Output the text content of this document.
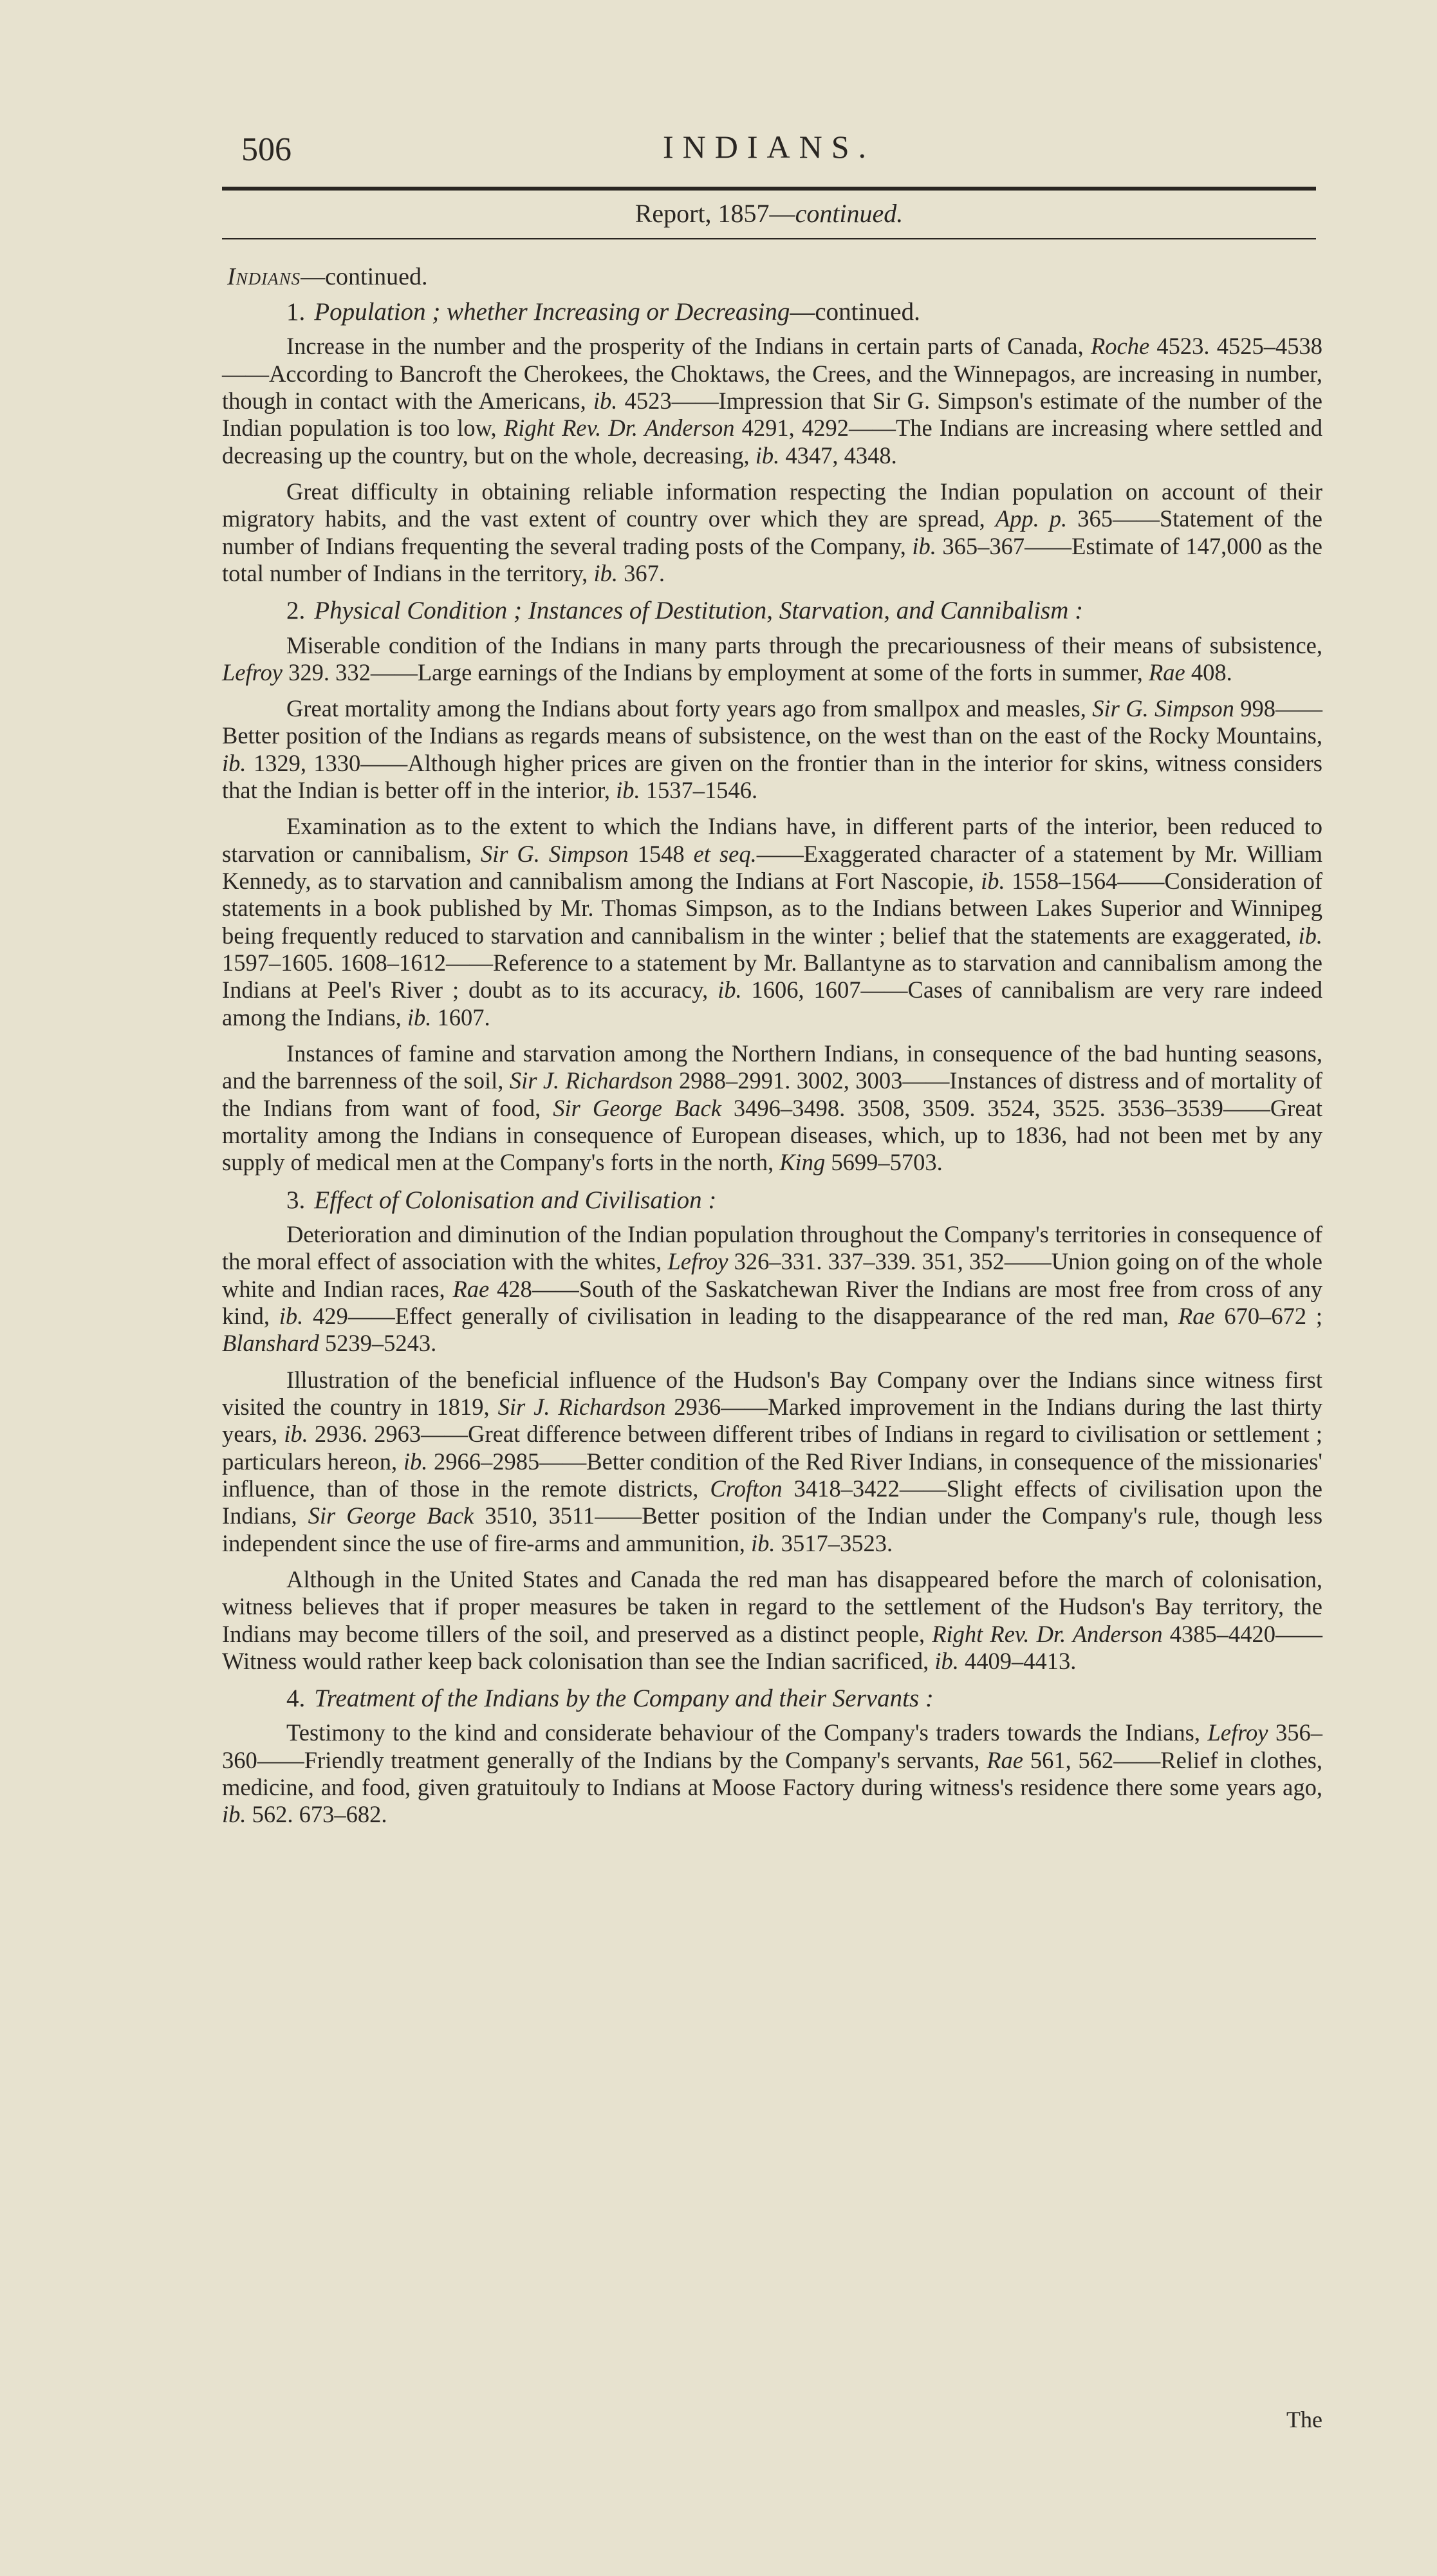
506	INDIANS.
Report, 1857—continued.
Indians—continued.
1. Population ; whether Increasing or Decreasing—continued.

Increase in the number and the prosperity of the Indians in certain parts of Canada, Roche 4523. 4525–4538——According to Bancroft the Cherokees, the Choktaws, the Crees, and the Winnepagos, are increasing in number, though in contact with the Americans, ib. 4523——Impression that Sir G. Simpson's estimate of the number of the Indian population is too low, Right Rev. Dr. Anderson 4291, 4292——The Indians are increasing where settled and decreasing up the country, but on the whole, decreasing, ib. 4347, 4348.

Great difficulty in obtaining reliable information respecting the Indian population on account of their migratory habits, and the vast extent of country over which they are spread, App. p. 365——Statement of the number of Indians frequenting the several trading posts of the Company, ib. 365–367——Estimate of 147,000 as the total number of Indians in the territory, ib. 367.

2. Physical Condition ; Instances of Destitution, Starvation, and Cannibalism :

Miserable condition of the Indians in many parts through the precariousness of their means of subsistence, Lefroy 329. 332——Large earnings of the Indians by employment at some of the forts in summer, Rae 408.

Great mortality among the Indians about forty years ago from smallpox and measles, Sir G. Simpson 998——Better position of the Indians as regards means of subsistence, on the west than on the east of the Rocky Mountains, ib. 1329, 1330——Although higher prices are given on the frontier than in the interior for skins, witness considers that the Indian is better off in the interior, ib. 1537–1546.

Examination as to the extent to which the Indians have, in different parts of the interior, been reduced to starvation or cannibalism, Sir G. Simpson 1548 et seq.——Exaggerated character of a statement by Mr. William Kennedy, as to starvation and cannibalism among the Indians at Fort Nascopie, ib. 1558–1564——Consideration of statements in a book published by Mr. Thomas Simpson, as to the Indians between Lakes Superior and Winnipeg being frequently reduced to starvation and cannibalism in the winter ; belief that the statements are exaggerated, ib. 1597–1605. 1608–1612——Reference to a statement by Mr. Ballantyne as to starvation and cannibalism among the Indians at Peel's River ; doubt as to its accuracy, ib. 1606, 1607——Cases of cannibalism are very rare indeed among the Indians, ib. 1607.

Instances of famine and starvation among the Northern Indians, in consequence of the bad hunting seasons, and the barrenness of the soil, Sir J. Richardson 2988–2991. 3002, 3003——Instances of distress and of mortality of the Indians from want of food, Sir George Back 3496–3498. 3508, 3509. 3524, 3525. 3536–3539——Great mortality among the Indians in consequence of European diseases, which, up to 1836, had not been met by any supply of medical men at the Company's forts in the north, King 5699–5703.

3. Effect of Colonisation and Civilisation :

Deterioration and diminution of the Indian population throughout the Company's territories in consequence of the moral effect of association with the whites, Lefroy 326–331. 337–339. 351, 352——Union going on of the whole white and Indian races, Rae 428——South of the Saskatchewan River the Indians are most free from cross of any kind, ib. 429——Effect generally of civilisation in leading to the disappearance of the red man, Rae 670–672 ; Blanshard 5239–5243.

Illustration of the beneficial influence of the Hudson's Bay Company over the Indians since witness first visited the country in 1819, Sir J. Richardson 2936——Marked improvement in the Indians during the last thirty years, ib. 2936. 2963——Great difference between different tribes of Indians in regard to civilisation or settlement ; particulars hereon, ib. 2966–2985——Better condition of the Red River Indians, in consequence of the missionaries' influence, than of those in the remote districts, Crofton 3418–3422——Slight effects of civilisation upon the Indians, Sir George Back 3510, 3511——Better position of the Indian under the Company's rule, though less independent since the use of fire-arms and ammunition, ib. 3517–3523.

Although in the United States and Canada the red man has disappeared before the march of colonisation, witness believes that if proper measures be taken in regard to the settlement of the Hudson's Bay territory, the Indians may become tillers of the soil, and preserved as a distinct people, Right Rev. Dr. Anderson 4385–4420——Witness would rather keep back colonisation than see the Indian sacrificed, ib. 4409–4413.

4. Treatment of the Indians by the Company and their Servants :

Testimony to the kind and considerate behaviour of the Company's traders towards the Indians, Lefroy 356–360——Friendly treatment generally of the Indians by the Company's servants, Rae 561, 562——Relief in clothes, medicine, and food, given gratuitouly to Indians at Moose Factory during witness's residence there some years ago, ib. 562. 673–682.

The
